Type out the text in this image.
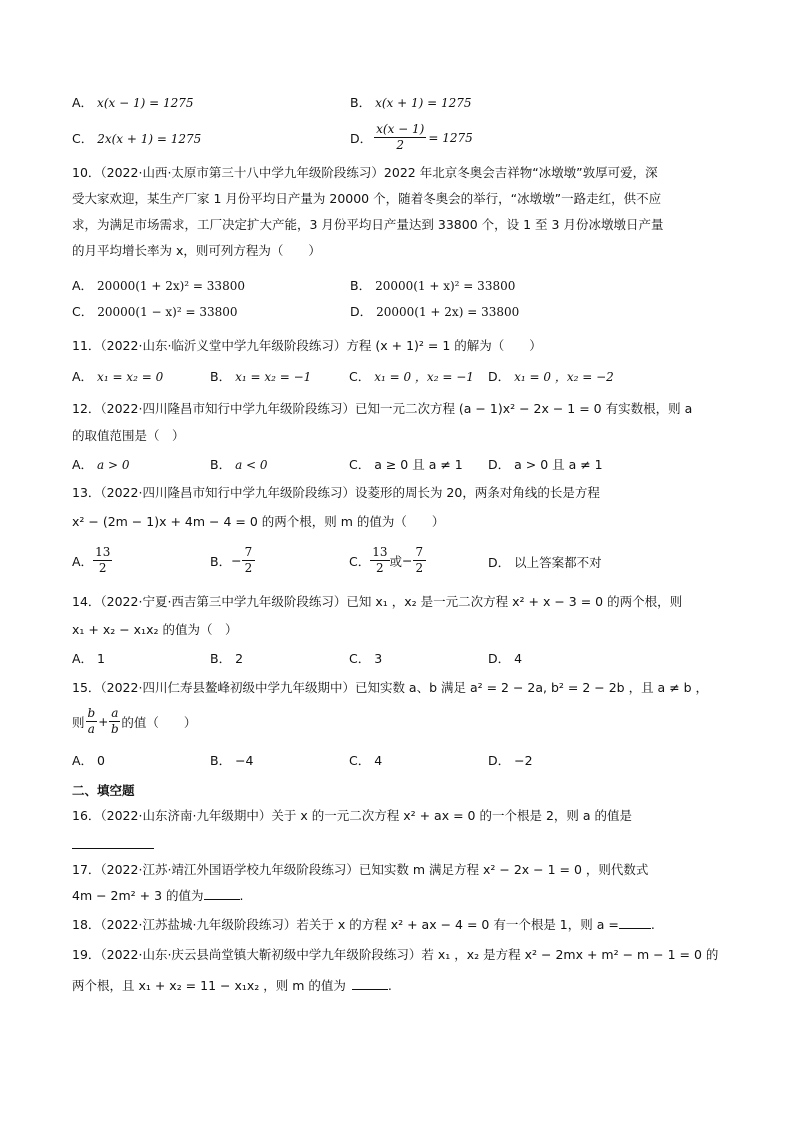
A． x(x − 1) = 1275	B． x(x + 1) = 1275
C． 2x(x + 1) = 1275	D． $\frac{x(x - 1)}{2} = 1275$
10．（2022·山西·太原市第三十八中学九年级阶段练习）2022 年北京冬奥会吉祥物“冰墩墩”敦厚可爱，深
受大家欢迎，某生产厂家 1 月份平均日产量为 20000 个，随着冬奥会的举行，“冰墩墩”一路走红，供不应
求，为满足市场需求，工厂决定扩大产能，3 月份平均日产量达到 33800 个，设 1 至 3 月份冰墩墩日产量
的月平均增长率为 x，则可列方程为（　　）
A． 20000(1 + 2x)² = 33800	B． 20000(1 + x)² = 33800
C． 20000(1 − x)² = 33800	D． 20000(1 + 2x) = 33800
11．（2022·山东·临沂义堂中学九年级阶段练习）方程 (x + 1)² = 1 的解为（　　）
A． x₁ = x₂ = 0	B． x₁ = x₂ = −1	C． x₁ = 0 ，x₂ = −1 D． x₁ = 0 ，x₂ = −2
12．（2022·四川隆昌市知行中学九年级阶段练习）已知一元二次方程 (a − 1)x² − 2x − 1 = 0 有实数根，则 a
的取值范围是（　）
A． a > 0	B． a < 0	C． a ≥ 0 且 a ≠ 1 D． a > 0 且 a ≠ 1
13．（2022·四川隆昌市知行中学九年级阶段练习）设菱形的周长为 20，两条对角线的长是方程
x² − (2m − 1)x + 4m − 4 = 0 的两个根，则 m 的值为（　　）
A． $\frac{13}{2}$	B． − $\frac{7}{2}$	C． $\frac{13}{2}$ 或 − $\frac{7}{2}$	D． 以上答案都不对
14．（2022·宁夏·西吉第三中学九年级阶段练习）已知 x₁ ，x₂ 是一元二次方程 x² + x − 3 = 0 的两个根，则
x₁ + x₂ − x₁x₂ 的值为（　）
A． 1	B． 2	C． 3	D． 4
15．（2022·四川仁寿县鳌峰初级中学九年级期中）已知实数 a、b 满足 a² = 2 − 2a, b² = 2 − 2b ，且 a ≠ b ，
则 $\frac{b}{a} + \frac{a}{b}$ 的值（　　）
A． 0	B． −4	C． 4	D． −2
二、填空题
16．（2022·山东济南·九年级期中）关于 x 的一元二次方程 x² + ax = 0 的一个根是 2，则 a 的值是
17．（2022·江苏·靖江外国语学校九年级阶段练习）已知实数 m 满足方程 x² − 2x − 1 = 0 ，则代数式
4m − 2m² + 3 的值为	.
18．（2022·江苏盐城·九年级阶段练习）若关于 x 的方程 x² + ax − 4 = 0 有一个根是 1，则 a =	.
19．（2022·山东·庆云县尚堂镇大靳初级中学九年级阶段练习）若 x₁ ，x₂ 是方程 x² − 2mx + m² − m − 1 = 0 的
两个根，且 x₁ + x₂ = 11 − x₁x₂ ，则 m 的值为	.
